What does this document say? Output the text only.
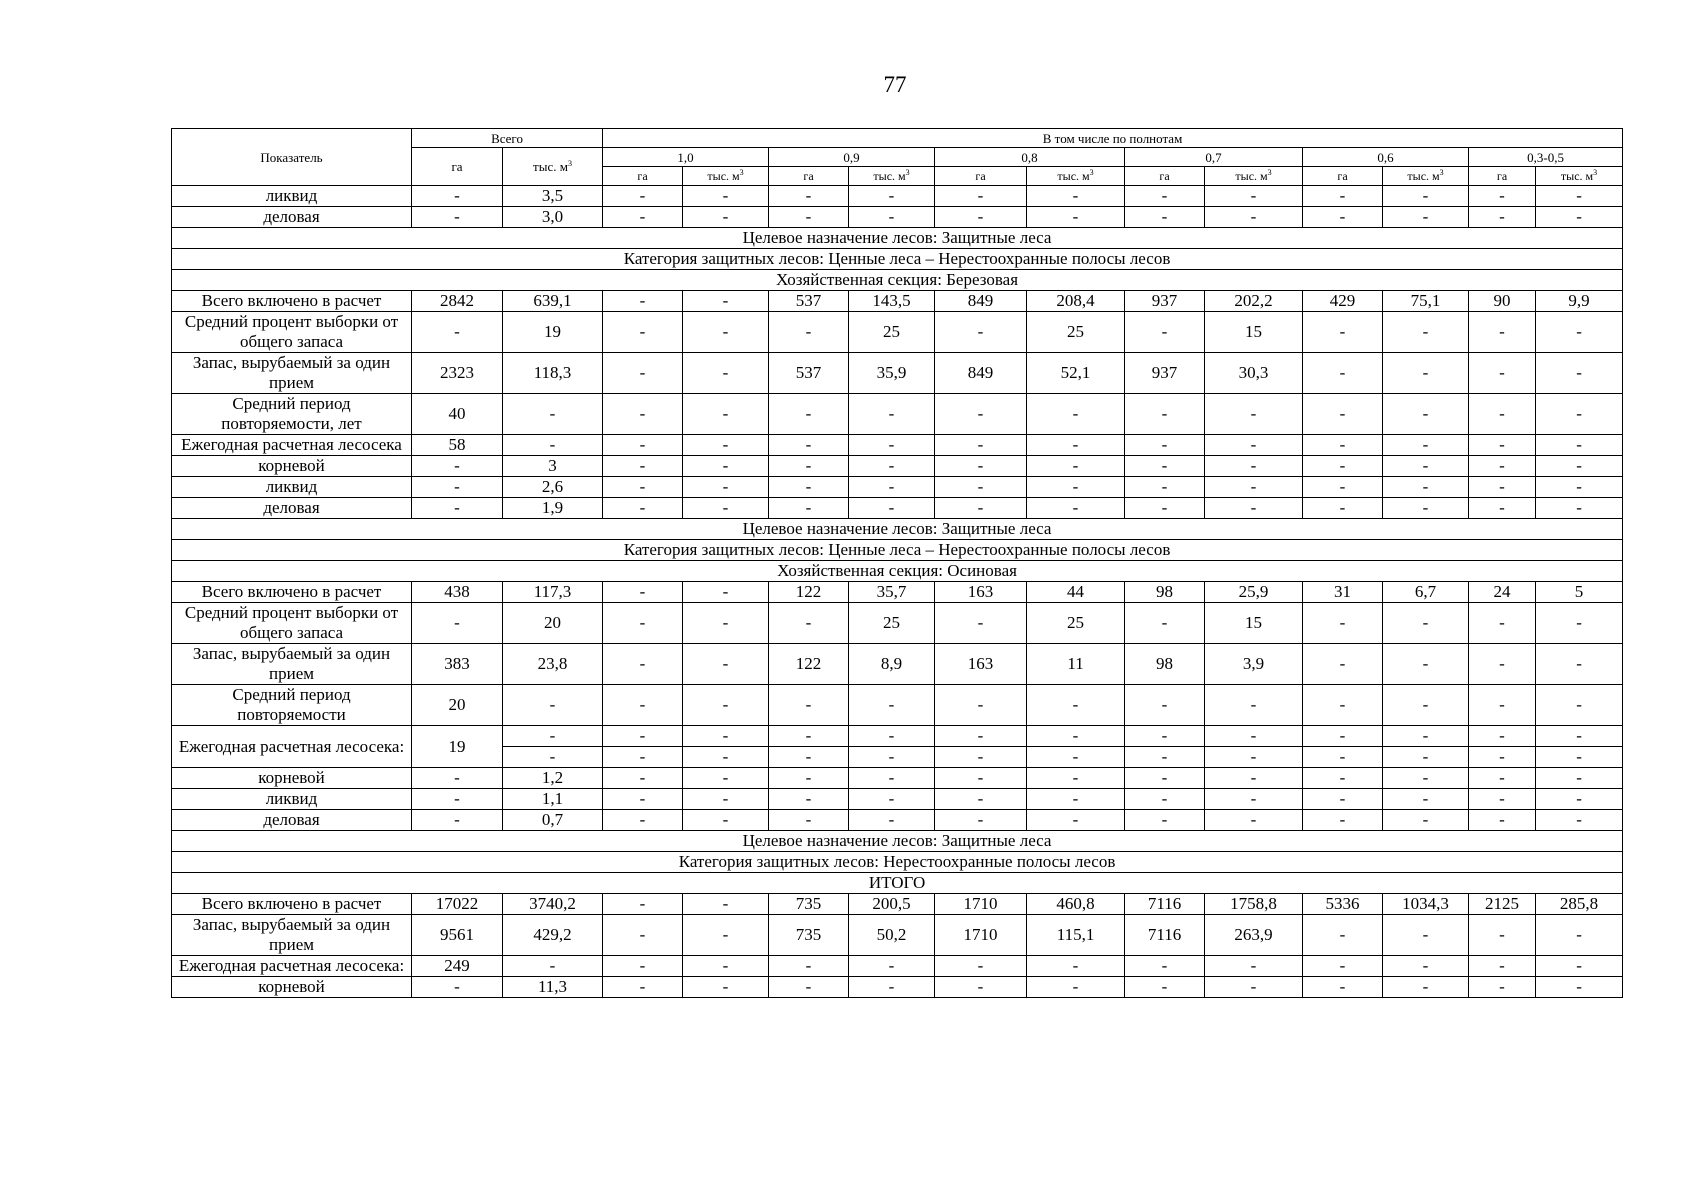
77
Показатель	Всего		В том числе по полнотам											
	га	тыс. $м^3$	1,0		0,9		0,8		0,7		0,6		0,3-0,5	
			га	тыс. $м^3$	га	тыс. $м^3$	га	тыс. $м^3$	га	тыс. $м^3$	га	тыс. $м^3$	га	тыс. $м^3$
ликвид	-	3,5	-	-	-	-	-	-	-	-	-	-	-	-
деловая	-	3,0	-	-	-	-	-	-	-	-	-	-	-	-
Целевое назначение лесов: Защитные леса														
Категория защитных лесов: Ценные леса – Нерестоохранные полосы лесов														
Хозяйственная секция: Березовая														
Всего включено в расчет	2842	639,1	-	-	537	143,5	849	208,4	937	202,2	429	75,1	90	9,9
Средний процент выборки от общего запаса	-	19	-	-	-	25	-	25	-	15	-	-	-	-
Запас, вырубаемый за один прием	2323	118,3	-	-	537	35,9	849	52,1	937	30,3	-	-	-	-
Средний период повторяемости, лет	40	-	-	-	-	-	-	-	-	-	-	-	-	-
Ежегодная расчетная лесосека	58	-	-	-	-	-	-	-	-	-	-	-	-	-
корневой	-	3	-	-	-	-	-	-	-	-	-	-	-	-
ликвид	-	2,6	-	-	-	-	-	-	-	-	-	-	-	-
деловая	-	1,9	-	-	-	-	-	-	-	-	-	-	-	-
Целевое назначение лесов: Защитные леса														
Категория защитных лесов: Ценные леса – Нерестоохранные полосы лесов														
Хозяйственная секция: Осиновая														
Всего включено в расчет	438	117,3	-	-	122	35,7	163	44	98	25,9	31	6,7	24	5
Средний процент выборки от общего запаса	-	20	-	-	-	25	-	25	-	15	-	-	-	-
Запас, вырубаемый за один прием	383	23,8	-	-	122	8,9	163	11	98	3,9	-	-	-	-
Средний период повторяемости	20	-	-	-	-	-	-	-	-	-	-	-	-	-
Ежегодная расчетная лесосека:	19	-	-	-	-	-	-	-	-	-	-	-	-	-
		-	-	-	-	-	-	-	-	-	-	-	-	-
корневой	-	1,2	-	-	-	-	-	-	-	-	-	-	-	-
ликвид	-	1,1	-	-	-	-	-	-	-	-	-	-	-	-
деловая	-	0,7	-	-	-	-	-	-	-	-	-	-	-	-
Целевое назначение лесов: Защитные леса														
Категория защитных лесов: Нерестоохранные полосы лесов														
ИТОГО														
Всего включено в расчет	17022	3740,2	-	-	735	200,5	1710	460,8	7116	1758,8	5336	1034,3	2125	285,8
Запас, вырубаемый за один прием	9561	429,2	-	-	735	50,2	1710	115,1	7116	263,9	-	-	-	-
Ежегодная расчетная лесосека:	249	-	-	-	-	-	-	-	-	-	-	-	-	-
корневой	-	11,3	-	-	-	-	-	-	-	-	-	-	-	-
